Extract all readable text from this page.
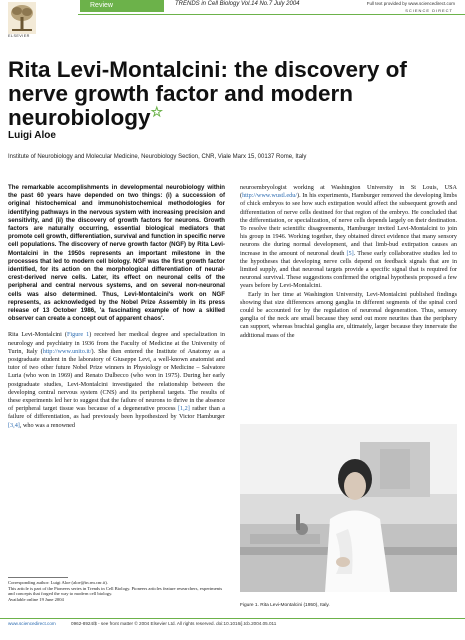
ELSEVIER
Review	TRENDS in Cell Biology Vol.14 No.7 July 2004	Full text provided by www.sciencedirect.com
SCIENCE DIRECT
Rita Levi-Montalcini: the discovery of nerve growth factor and modern neurobiology☆
Luigi Aloe
Institute of Neurobiology and Molecular Medicine, Neurobiology Section, CNR, Viale Marx 15, 00137 Rome, Italy
The remarkable accomplishments in developmental neurobiology within the past 60 years have depended on two things: (i) a succession of original histochemical and immunohistochemical methodologies for identifying pathways in the nervous system with increasing precision and sensitivity, and (ii) the discovery of growth factors for neurons. Growth factors are naturally occurring, essential biological mediators that promote cell growth, differentiation, survival and function in specific nerve cell populations. The discovery of nerve growth factor (NGF) by Rita Levi-Montalcini in the 1950s represents an important milestone in the processes that led to modern cell biology. NGF was the first growth factor identified, for its action on the morphological differentiation of neural-crest-derived nerve cells. Later, its effect on neuronal cells of the peripheral and central nervous systems, and on several non-neuronal cells was also determined. Thus, Levi-Montalcini's work on NGF represents, as acknowledged by the Nobel Prize Assembly in its press release of 13 October 1986, 'a fascinating example of how a skilled observer can create a concept out of apparent chaos'.

Rita Levi-Montalcini (Figure 1) received her medical degree and specialization in neurology and psychiatry in 1936 from the Faculty of Medicine at the University of Turin, Italy (http://www.unito.it/). She then entered the Institute of Anatomy as a postgraduate student in the laboratory of Giuseppe Levi, a well-known anatomist and tutor of two other future Nobel Prize winners in Physiology or Medicine – Salvatore Luria (who won in 1969) and Renato Dulbecco (who won in 1975). During her early postgraduate studies, Levi-Montalcini investigated the relationship between the developing central nervous system (CNS) and its peripheral targets. The results of these experiments led her to suggest that the failure of neurons to thrive in the absence of peripheral target tissue was because of a degenerative process [1,2] rather than a failure of differentiation, as had previously been hypothesized by Victor Hamburger [3,4], who was a renowned

Corresponding author: Luigi Aloe (aloe@in.rm.cnr.it).
This article is part of the Pioneers series in Trends in Cell Biology. Pioneers articles feature researchers, experiments and concepts that forged the way to modern cell biology.
Available online 19 June 2004
neuroembryologist working at Washington University in St Louis, USA (http://www.wustl.edu/). In his experiments, Hamburger removed the developing limbs of chick embryos to see how such extirpation would affect the subsequent growth and differentiation of nerve cells destined for that region of the embryo. He concluded that the differentiation, or specialization, of nerve cells depends largely on their destination. To resolve their scientific disagreements, Hamburger invited Levi-Montalcini to join his group in 1946. Working together, they obtained direct evidence that many sensory neurons die during normal development, and that limb-bud extirpation causes an increase in the amount of neuronal death [5]. These early collaborative studies led to the hypotheses that developing nerve cells depend on feedback signals that are in limited supply, and that neuronal targets provide a specific signal that is required for neuronal survival. These suggestions confirmed the original hypothesis proposed a few years before by Levi-Montalcini.
Early in her time at Washington University, Levi-Montalcini published findings showing that size differences among ganglia in different segments of the spinal cord could be accounted for by the regulation of neuronal degeneration. Thus, sensory ganglia of the neck are small because they send out more neurites than the periphery can support, whereas brachial ganglia are, ultimately, larger because they innervate the additional mass of the
Figure 1. Rita Levi-Montalcini (1950), Italy.
www.sciencedirect.com	0962-8924/$ - see front matter © 2004 Elsevier Ltd. All rights reserved. doi:10.1016/j.tcb.2004.05.011
